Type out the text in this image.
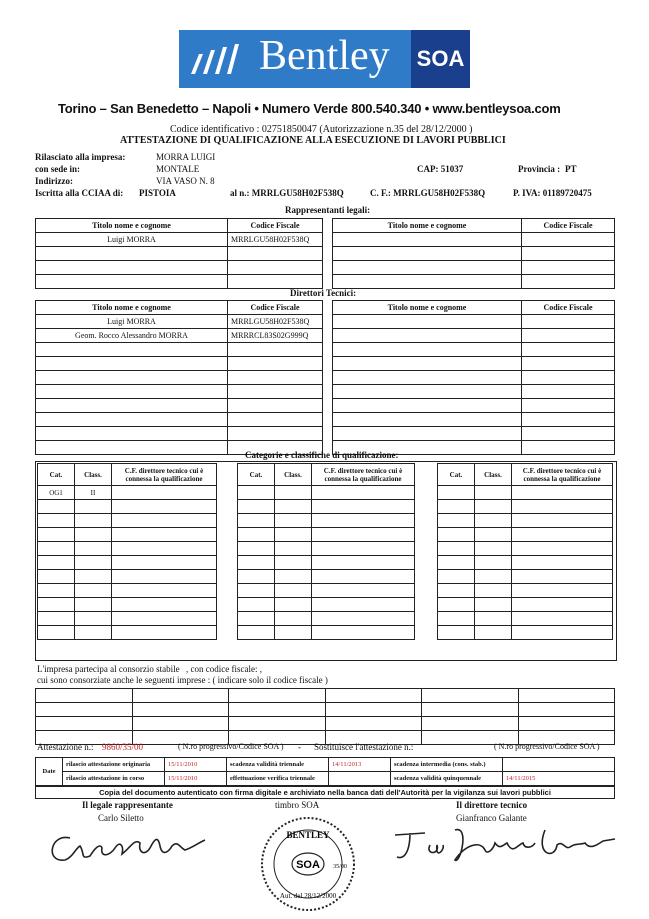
Bentley SOA
Torino – San Benedetto – Napoli • Numero Verde 800.540.340 • www.bentleysoa.com
Codice identificativo : 02751850047 (Autorizzazione n.35 del 28/12/2000 )
ATTESTAZIONE DI QUALIFICAZIONE ALLA ESECUZIONE DI LAVORI PUBBLICI
Rilasciato alla impresa:	MORRA LUIGI
con sede in:	MONTALE	CAP: 51037	Provincia : PT
Indirizzo:	VIA VASO N. 8
Iscritta alla CCIAA di: PISTOIA	al n.: MRRLGU58H02F538Q	C. F.: MRRLGU58H02F538Q	P. IVA: 01189720475
Rappresentanti legali:
Titolo nome e cognome	Codice Fiscale
Luigi MORRA	MRRLGU58H02F538Q

Titolo nome e cognome	Codice Fiscale

Direttori Tecnici:
Titolo nome e cognome	Codice Fiscale
Luigi MORRA	MRRLGU58H02F538Q
Geom. Rocco Alessandro MORRA	MRRRCL83S02G999Q

Titolo nome e cognome	Codice Fiscale

Categorie e classifiche di qualificazione:
Cat.	Class.	C.F. direttore tecnico cui è connessa la qualificazione
OG1	II	

Cat.	Class.	C.F. direttore tecnico cui è connessa la qualificazione

			Cat.	Class.	C.F. direttore tecnico cui è connessa la qualificazione

L'impresa partecipa al consorzio stabile , con codice fiscale: ,
cui sono consorziate anche le seguenti imprese : ( indicare solo il codice fiscale )

Attestazione n.: 9860/35/00	( N.ro progressivo/Codice SOA ) - Sostituisce l'attestazione n.:	( N.ro progressivo/Codice SOA )
Date	rilascio attestazione originaria	15/11/2010	scadenza validità triennale	14/11/2013	scadenza intermedia (cons. stab.)	
	rilascio attestazione in corso	15/11/2010	effettuazione verifica triennale		scadenza validità quinquennale	14/11/2015
Copia del documento autenticato con firma digitale e archiviato nella banca dati dell'Autorità per la vigilanza sui lavori pubblici
Il legale rappresentante
Carlo Siletto
timbro SOA	Il direttore tecnico
Gianfranco Galante
SOA
BENTLEY
Aut. del 28/12/2000
35/00
